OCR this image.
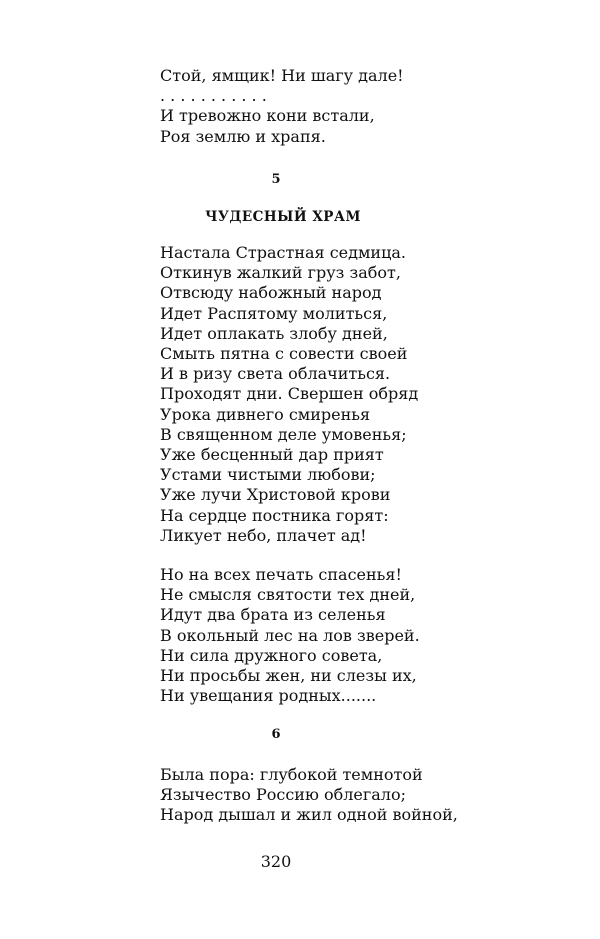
Стой, ямщик! Ни шагу дале!
. . . . . . . . . . .
И тревожно кони встали,
Роя землю и храпя.

5

ЧУДЕСНЫЙ ХРАМ

Настала Страстная седмица.
Откинув жалкий груз забот,
Отвсюду набожный народ
Идет Распятому молиться,
Идет оплакать злобу дней,
Смыть пятна с совести своей
И в ризу света облачиться.
Проходят дни. Свершен обряд
Урока дивнего смиренья
В священном деле умовенья;
Уже бесценный дар прият
Устами чистыми любови;
Уже лучи Христовой крови
На сердце постника горят:
Ликует небо, плачет ад!
Но на всех печать спасенья!
Не смысля святости тех дней,
Идут два брата из селенья
В окольный лес на лов зверей.
Ни сила дружного совета,
Ни просьбы жен, ни слезы их,
Ни увещания родных.......

6

Была пора: глубокой темнотой
Язычество Россию облегало;
Народ дышал и жил одной войной,

320
